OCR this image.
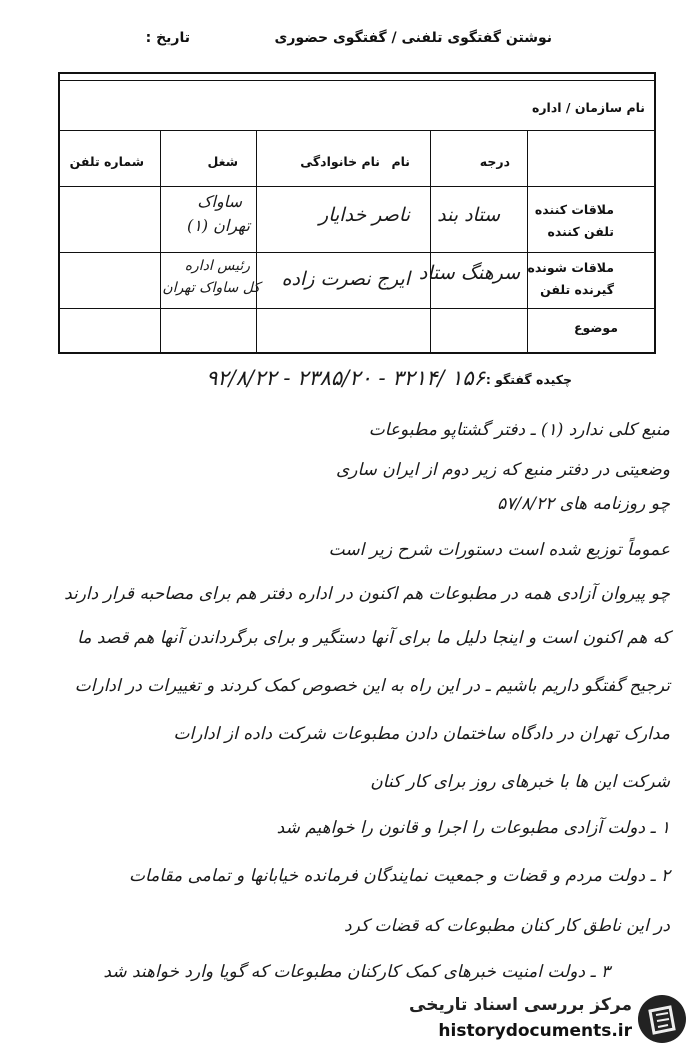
نوشتن گفتگوی تلفنی / گفتگوی حضوری
تاریخ :
نام سازمان / اداره
درجه
نام
نام خانوادگی
شغل
شماره تلفن
ملاقات کننده
تلفن کننده
ستاد بند
ناصر خدایار
ساواک
تهران (۱)
ملاقات شونده
گیرنده تلفن
سرهنگ ستاد
ایرج نصرت زاده
رئیس اداره
کل ساواک تهران
موضوع
چکیده گفتگو :
۹۲/۸/۲۲ - ۲۳۸۵/۲۰ - ۳۲۱۴/ ۱۵۶
منبع کلی ندارد (۱) ـ دفتر گشتاپو مطبوعات
وضعیتی در دفتر منبع که زیر دوم از ایران ساری
چو روزنامه های ۵۷/۸/۲۲
عموماً توزیع شده است دستورات شرح زیر است
چو پیروان آزادی همه در مطبوعات هم اکنون در اداره دفتر هم برای مصاحبه قرار دارند
که هم اکنون است و اینجا دلیل ما برای آنها دستگیر و برای برگرداندن آنها هم قصد ما
ترجیح گفتگو داریم باشیم ـ در این راه به این خصوص کمک کردند و تغییرات در ادارات
مدارک تهران در دادگاه ساختمان دادن مطبوعات شرکت داده از ادارات
شرکت این ها با خبرهای روز برای کار کنان
۱ ـ دولت آزادی مطبوعات را اجرا و قانون را خواهیم شد
۲ ـ دولت مردم و قضات و جمعیت نمایندگان فرمانده خیابانها و تمامی مقامات
در این ناطق کار کنان مطبوعات که قضات کرد
۳ ـ دولت امنیت خبرهای کمک کارکنان مطبوعات که گویا وارد خواهند شد
مرکز بررسی اسناد تاریخی
historydocuments.ir
